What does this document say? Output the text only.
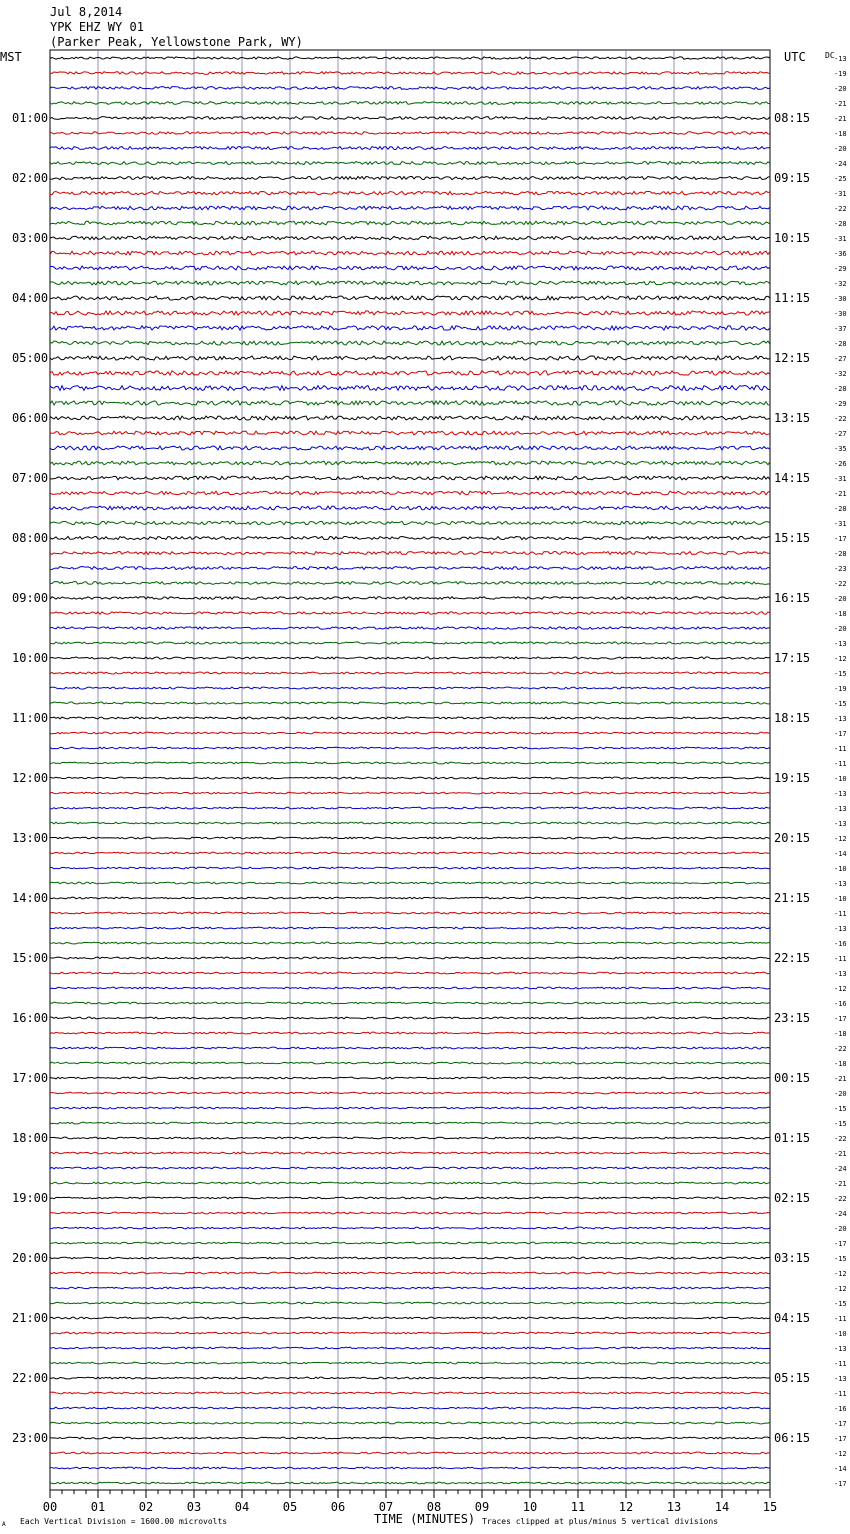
Jul 8,2014
YPK EHZ WY 01
(Parker Peak, Yellowstone Park, WY)
MST	UTC DC
01:00
02:00
03:00
04:00
05:00
06:00
07:00
08:00
09:00
10:00
11:00
12:00
13:00
14:00
15:00
16:00
17:00
18:00
19:00
20:00
21:00
22:00
23:00
08:15
09:15
10:15
11:15
12:15
13:15
14:15
15:15
16:15
17:15
18:15
19:15
20:15
21:15
22:15
23:15
00:15
01:15
02:15
03:15
04:15
05:15
06:15
-13
-19
-20
-21
-21
-18
-20
-24
-25
-31
-22
-28
-31
-36
-29
-32
-30
-30
-37
-28
-27
-32
-28
-29
-22
-27
-35
-26
-31
-21
-28
-31
-17
-28
-23
-22
-20
-18
-20
-13
-12
-15
-19
-15
-13
-17
-11
-11
-10
-13
-13
-13
-12
-14
-10
-13
-10
-11
-13
-16
-11
-13
-12
-16
-17
-18
-22
-18
-21
-20
-15
-15
-22
-21
-24
-21
-22
-24
-20
-17
-15
-12
-12
-15
-11
-10
-13
-11
-13
-11
-16
-17
-17
-12
-14
-17
00	01	02	03	04	05	06	07	08	09	10	11	12	13	14	15
A Each Vertical Division = 1600.00 microvolts	TIME (MINUTES) Traces clipped at plus/minus 5 vertical divisions
